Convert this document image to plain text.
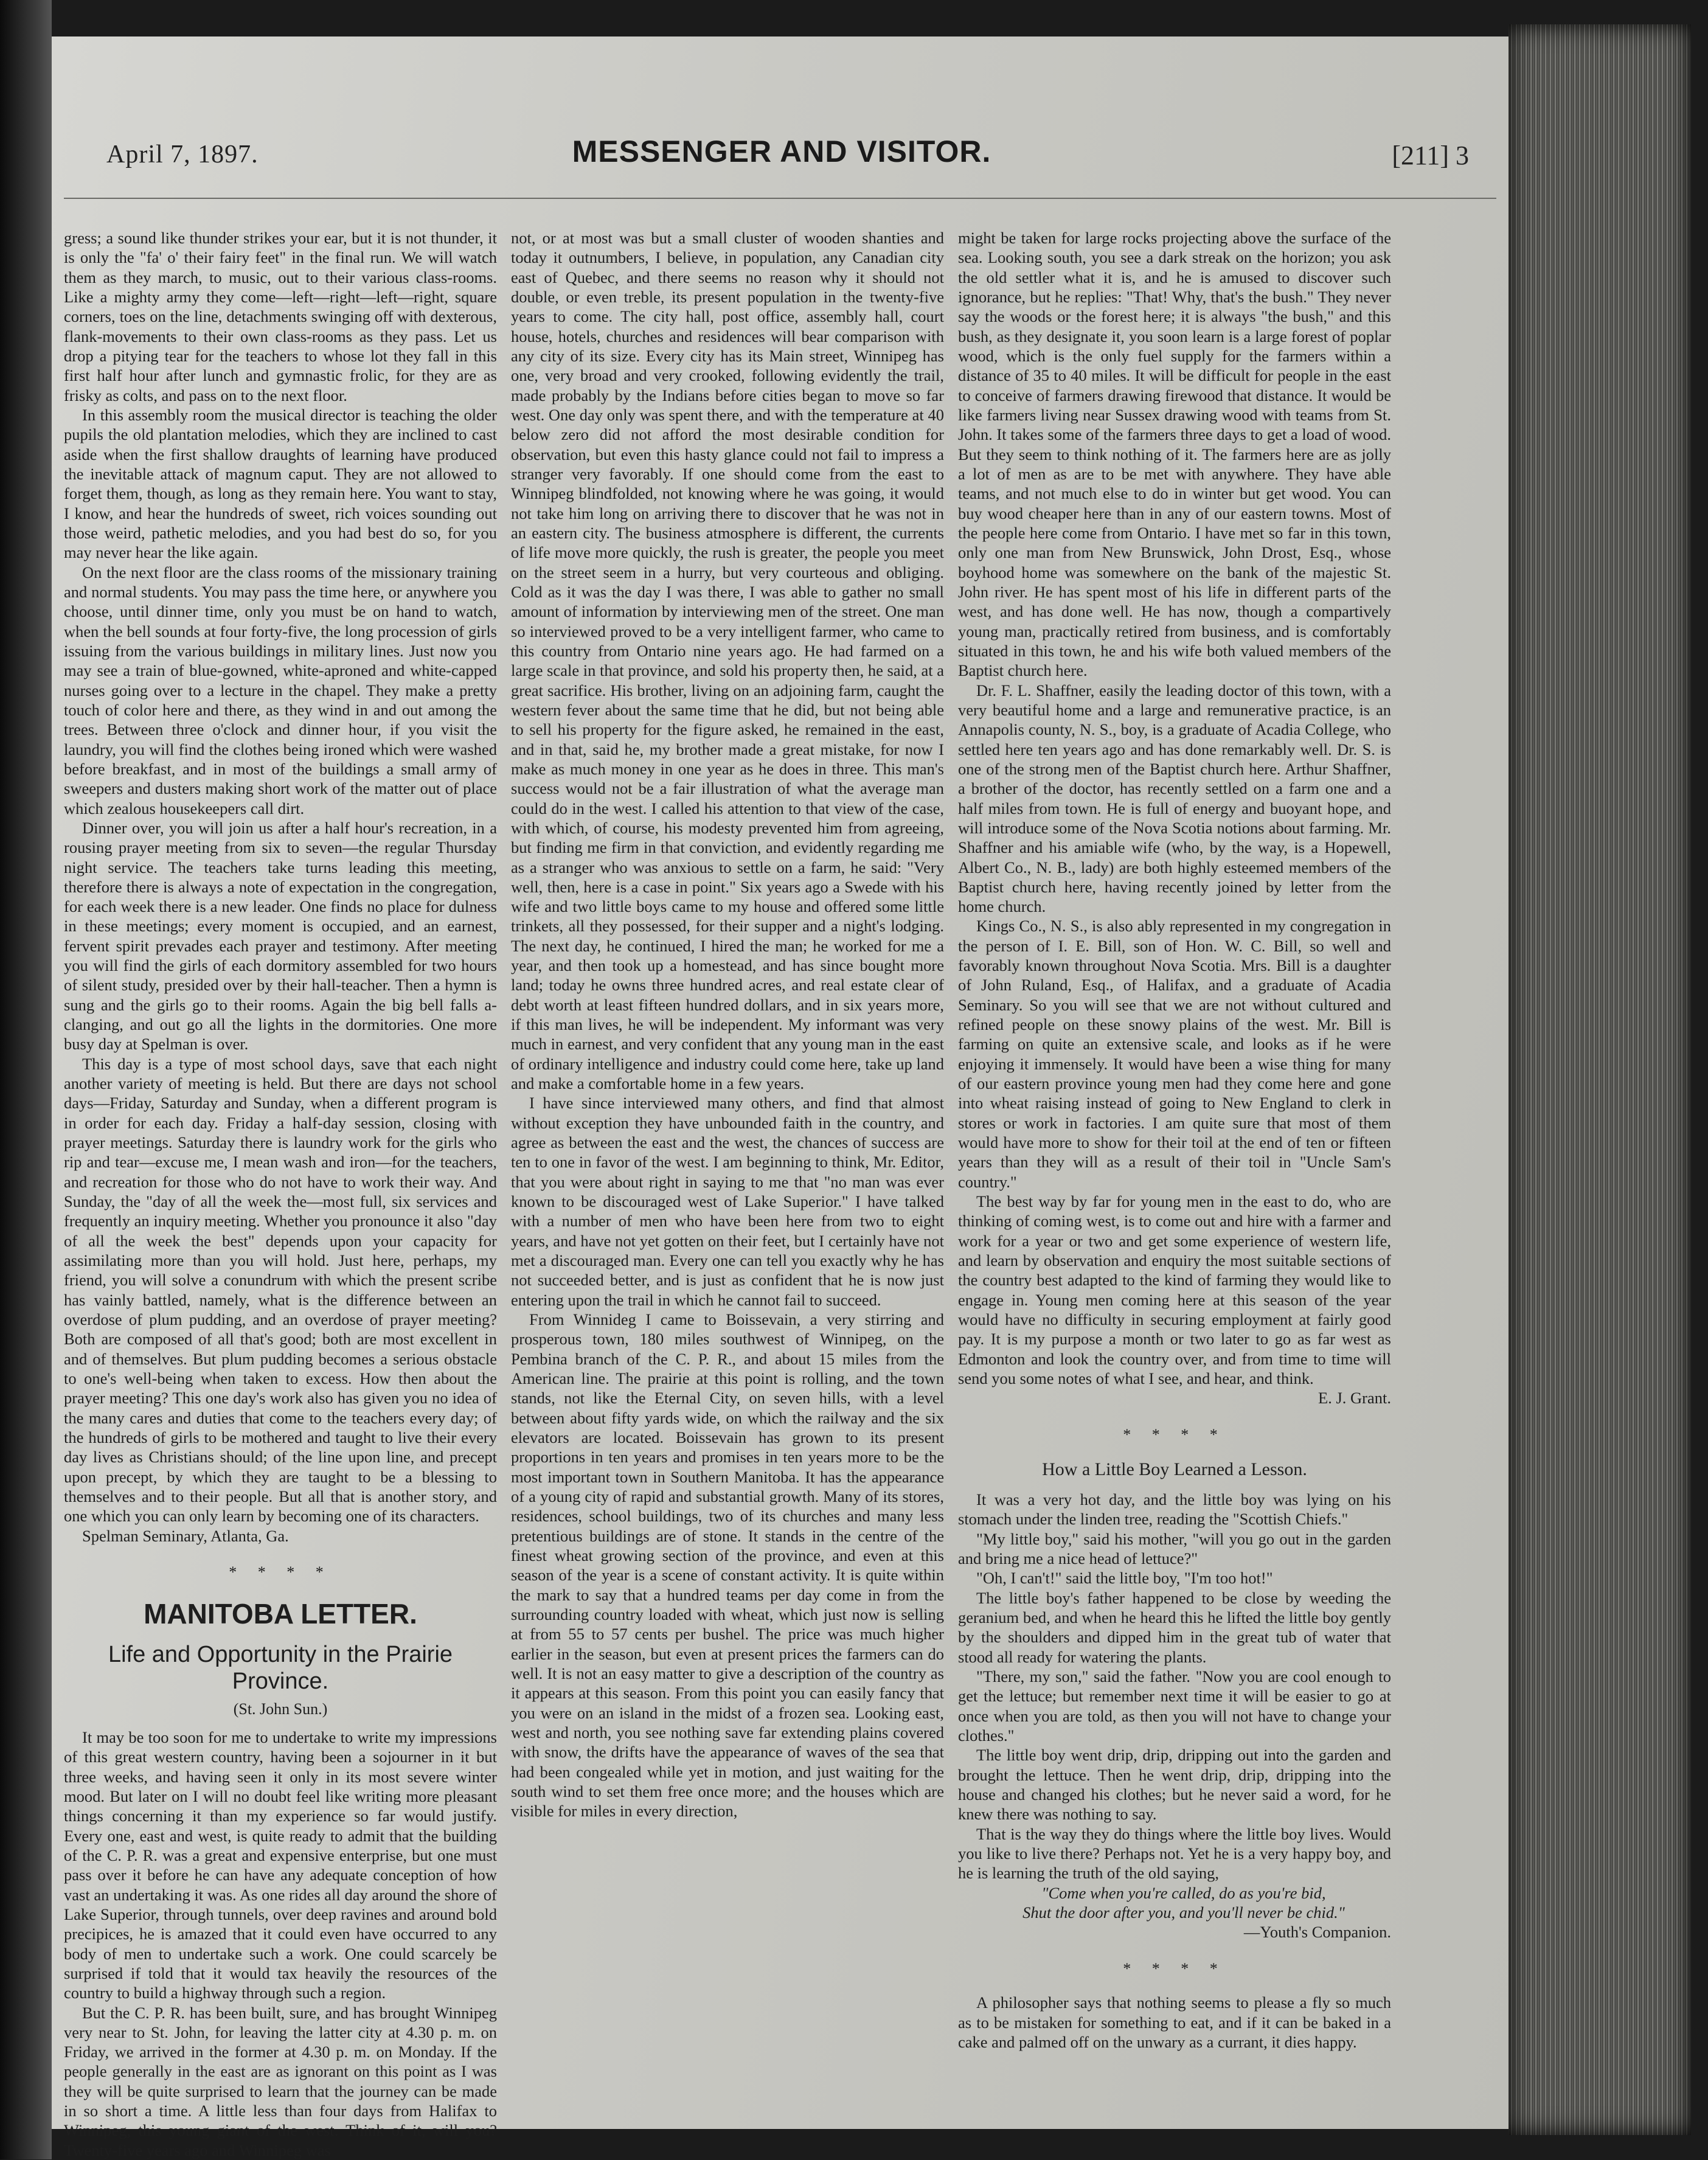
April 7, 1897.	MESSENGER AND VISITOR.	[211] 3

gress; a sound like thunder strikes your ear, but it is not thunder, it is only the "fa' o' their fairy feet" in the final run. We will watch them as they march, to music, out to their various class-rooms. Like a mighty army they come—left—right—left—right, square corners, toes on the line, detachments swinging off with dexterous, flank-movements to their own class-rooms as they pass. Let us drop a pitying tear for the teachers to whose lot they fall in this first half hour after lunch and gymnastic frolic, for they are as frisky as colts, and pass on to the next floor.

In this assembly room the musical director is teaching the older pupils the old plantation melodies, which they are inclined to cast aside when the first shallow draughts of learning have produced the inevitable attack of magnum caput. They are not allowed to forget them, though, as long as they remain here. You want to stay, I know, and hear the hundreds of sweet, rich voices sounding out those weird, pathetic melodies, and you had best do so, for you may never hear the like again.

On the next floor are the class rooms of the missionary training and normal students. You may pass the time here, or anywhere you choose, until dinner time, only you must be on hand to watch, when the bell sounds at four forty-five, the long procession of girls issuing from the various buildings in military lines. Just now you may see a train of blue-gowned, white-aproned and white-capped nurses going over to a lecture in the chapel. They make a pretty touch of color here and there, as they wind in and out among the trees. Between three o'clock and dinner hour, if you visit the laundry, you will find the clothes being ironed which were washed before breakfast, and in most of the buildings a small army of sweepers and dusters making short work of the matter out of place which zealous housekeepers call dirt.

Dinner over, you will join us after a half hour's recreation, in a rousing prayer meeting from six to seven—the regular Thursday night service. The teachers take turns leading this meeting, therefore there is always a note of expectation in the congregation, for each week there is a new leader. One finds no place for dulness in these meetings; every moment is occupied, and an earnest, fervent spirit prevades each prayer and testimony. After meeting you will find the girls of each dormitory assembled for two hours of silent study, presided over by their hall-teacher. Then a hymn is sung and the girls go to their rooms. Again the big bell falls a-clanging, and out go all the lights in the dormitories. One more busy day at Spelman is over.

This day is a type of most school days, save that each night another variety of meeting is held. But there are days not school days—Friday, Saturday and Sunday, when a different program is in order for each day. Friday a half-day session, closing with prayer meetings. Saturday there is laundry work for the girls who rip and tear—excuse me, I mean wash and iron—for the teachers, and recreation for those who do not have to work their way. And Sunday, the "day of all the week the—most full, six services and frequently an inquiry meeting. Whether you pronounce it also "day of all the week the best" depends upon your capacity for assimilating more than you will hold. Just here, perhaps, my friend, you will solve a conundrum with which the present scribe has vainly battled, namely, what is the difference between an overdose of plum pudding, and an overdose of prayer meeting? Both are composed of all that's good; both are most excellent in and of themselves. But plum pudding becomes a serious obstacle to one's well-being when taken to excess. How then about the prayer meeting? This one day's work also has given you no idea of the many cares and duties that come to the teachers every day; of the hundreds of girls to be mothered and taught to live their every day lives as Christians should; of the line upon line, and precept upon precept, by which they are taught to be a blessing to themselves and to their people. But all that is another story, and one which you can only learn by becoming one of its characters.

Spelman Seminary, Atlanta, Ga.

* * * *
MANITOBA LETTER.
Life and Opportunity in the Prairie Province.
(St. John Sun.)

It may be too soon for me to undertake to write my impressions of this great western country, having been a sojourner in it but three weeks, and having seen it only in its most severe winter mood. But later on I will no doubt feel like writing more pleasant things concerning it than my experience so far would justify. Every one, east and west, is quite ready to admit that the building of the C. P. R. was a great and expensive enterprise, but one must pass over it before he can have any adequate conception of how vast an undertaking it was. As one rides all day around the shore of Lake Superior, through tunnels, over deep ravines and around bold precipices, he is amazed that it could even have occurred to any body of men to undertake such a work. One could scarcely be surprised if told that it would tax heavily the resources of the country to build a highway through such a region.

But the C. P. R. has been built, sure, and has brought Winnipeg very near to St. John, for leaving the latter city at 4.30 p. m. on Friday, we arrived in the former at 4.30 p. m. on Monday. If the people generally in the east are as ignorant on this point as I was they will be quite surprised to learn that the journey can be made in so short a time. A little less than four days from Halifax to Winnipeg, this young giant of the west. Think of it, will you? Twenty-five years ago and Winnipeg was

not, or at most was but a small cluster of wooden shanties and today it outnumbers, I believe, in population, any Canadian city east of Quebec, and there seems no reason why it should not double, or even treble, its present population in the twenty-five years to come. The city hall, post office, assembly hall, court house, hotels, churches and residences will bear comparison with any city of its size. Every city has its Main street, Winnipeg has one, very broad and very crooked, following evidently the trail, made probably by the Indians before cities began to move so far west. One day only was spent there, and with the temperature at 40 below zero did not afford the most desirable condition for observation, but even this hasty glance could not fail to impress a stranger very favorably. If one should come from the east to Winnipeg blindfolded, not knowing where he was going, it would not take him long on arriving there to discover that he was not in an eastern city. The business atmosphere is different, the currents of life move more quickly, the rush is greater, the people you meet on the street seem in a hurry, but very courteous and obliging. Cold as it was the day I was there, I was able to gather no small amount of information by interviewing men of the street. One man so interviewed proved to be a very intelligent farmer, who came to this country from Ontario nine years ago. He had farmed on a large scale in that province, and sold his property then, he said, at a great sacrifice. His brother, living on an adjoining farm, caught the western fever about the same time that he did, but not being able to sell his property for the figure asked, he remained in the east, and in that, said he, my brother made a great mistake, for now I make as much money in one year as he does in three. This man's success would not be a fair illustration of what the average man could do in the west. I called his attention to that view of the case, with which, of course, his modesty prevented him from agreeing, but finding me firm in that conviction, and evidently regarding me as a stranger who was anxious to settle on a farm, he said: "Very well, then, here is a case in point." Six years ago a Swede with his wife and two little boys came to my house and offered some little trinkets, all they possessed, for their supper and a night's lodging. The next day, he continued, I hired the man; he worked for me a year, and then took up a homestead, and has since bought more land; today he owns three hundred acres, and real estate clear of debt worth at least fifteen hundred dollars, and in six years more, if this man lives, he will be independent. My informant was very much in earnest, and very confident that any young man in the east of ordinary intelligence and industry could come here, take up land and make a comfortable home in a few years.

I have since interviewed many others, and find that almost without exception they have unbounded faith in the country, and agree as between the east and the west, the chances of success are ten to one in favor of the west. I am beginning to think, Mr. Editor, that you were about right in saying to me that "no man was ever known to be discouraged west of Lake Superior." I have talked with a number of men who have been here from two to eight years, and have not yet gotten on their feet, but I certainly have not met a discouraged man. Every one can tell you exactly why he has not succeeded better, and is just as confident that he is now just entering upon the trail in which he cannot fail to succeed.

From Winnideg I came to Boissevain, a very stirring and prosperous town, 180 miles southwest of Winnipeg, on the Pembina branch of the C. P. R., and about 15 miles from the American line. The prairie at this point is rolling, and the town stands, not like the Eternal City, on seven hills, with a level between about fifty yards wide, on which the railway and the six elevators are located. Boissevain has grown to its present proportions in ten years and promises in ten years more to be the most important town in Southern Manitoba. It has the appearance of a young city of rapid and substantial growth. Many of its stores, residences, school buildings, two of its churches and many less pretentious buildings are of stone. It stands in the centre of the finest wheat growing section of the province, and even at this season of the year is a scene of constant activity. It is quite within the mark to say that a hundred teams per day come in from the surrounding country loaded with wheat, which just now is selling at from 55 to 57 cents per bushel. The price was much higher earlier in the season, but even at present prices the farmers can do well. It is not an easy matter to give a description of the country as it appears at this season. From this point you can easily fancy that you were on an island in the midst of a frozen sea. Looking east, west and north, you see nothing save far extending plains covered with snow, the drifts have the appearance of waves of the sea that had been congealed while yet in motion, and just waiting for the south wind to set them free once more; and the houses which are visible for miles in every direction,

might be taken for large rocks projecting above the surface of the sea. Looking south, you see a dark streak on the horizon; you ask the old settler what it is, and he is amused to discover such ignorance, but he replies: "That! Why, that's the bush." They never say the woods or the forest here; it is always "the bush," and this bush, as they designate it, you soon learn is a large forest of poplar wood, which is the only fuel supply for the farmers within a distance of 35 to 40 miles. It will be difficult for people in the east to conceive of farmers drawing firewood that distance. It would be like farmers living near Sussex drawing wood with teams from St. John. It takes some of the farmers three days to get a load of wood. But they seem to think nothing of it. The farmers here are as jolly a lot of men as are to be met with anywhere. They have able teams, and not much else to do in winter but get wood. You can buy wood cheaper here than in any of our eastern towns. Most of the people here come from Ontario. I have met so far in this town, only one man from New Brunswick, John Drost, Esq., whose boyhood home was somewhere on the bank of the majestic St. John river. He has spent most of his life in different parts of the west, and has done well. He has now, though a compartively young man, practically retired from business, and is comfortably situated in this town, he and his wife both valued members of the Baptist church here.

Dr. F. L. Shaffner, easily the leading doctor of this town, with a very beautiful home and a large and remunerative practice, is an Annapolis county, N. S., boy, is a graduate of Acadia College, who settled here ten years ago and has done remarkably well. Dr. S. is one of the strong men of the Baptist church here. Arthur Shaffner, a brother of the doctor, has recently settled on a farm one and a half miles from town. He is full of energy and buoyant hope, and will introduce some of the Nova Scotia notions about farming. Mr. Shaffner and his amiable wife (who, by the way, is a Hopewell, Albert Co., N. B., lady) are both highly esteemed members of the Baptist church here, having recently joined by letter from the home church.

Kings Co., N. S., is also ably represented in my congregation in the person of I. E. Bill, son of Hon. W. C. Bill, so well and favorably known throughout Nova Scotia. Mrs. Bill is a daughter of John Ruland, Esq., of Halifax, and a graduate of Acadia Seminary. So you will see that we are not without cultured and refined people on these snowy plains of the west. Mr. Bill is farming on quite an extensive scale, and looks as if he were enjoying it immensely. It would have been a wise thing for many of our eastern province young men had they come here and gone into wheat raising instead of going to New England to clerk in stores or work in factories. I am quite sure that most of them would have more to show for their toil at the end of ten or fifteen years than they will as a result of their toil in "Uncle Sam's country."

The best way by far for young men in the east to do, who are thinking of coming west, is to come out and hire with a farmer and work for a year or two and get some experience of western life, and learn by observation and enquiry the most suitable sections of the country best adapted to the kind of farming they would like to engage in. Young men coming here at this season of the year would have no difficulty in securing employment at fairly good pay. It is my purpose a month or two later to go as far west as Edmonton and look the country over, and from time to time will send you some notes of what I see, and hear, and think.

E. J. Grant.

* * * *
How a Little Boy Learned a Lesson.

It was a very hot day, and the little boy was lying on his stomach under the linden tree, reading the "Scottish Chiefs."

"My little boy," said his mother, "will you go out in the garden and bring me a nice head of lettuce?"

"Oh, I can't!" said the little boy, "I'm too hot!"

The little boy's father happened to be close by weeding the geranium bed, and when he heard this he lifted the little boy gently by the shoulders and dipped him in the great tub of water that stood all ready for watering the plants.

"There, my son," said the father. "Now you are cool enough to get the lettuce; but remember next time it will be easier to go at once when you are told, as then you will not have to change your clothes."

The little boy went drip, drip, dripping out into the garden and brought the lettuce. Then he went drip, drip, dripping into the house and changed his clothes; but he never said a word, for he knew there was nothing to say.

That is the way they do things where the little boy lives. Would you like to live there? Perhaps not. Yet he is a very happy boy, and he is learning the truth of the old saying,

"Come when you're called, do as you're bid,

Shut the door after you, and you'll never be chid."

—Youth's Companion.

* * * *

A philosopher says that nothing seems to please a fly so much as to be mistaken for something to eat, and if it can be baked in a cake and palmed off on the unwary as a currant, it dies happy.
